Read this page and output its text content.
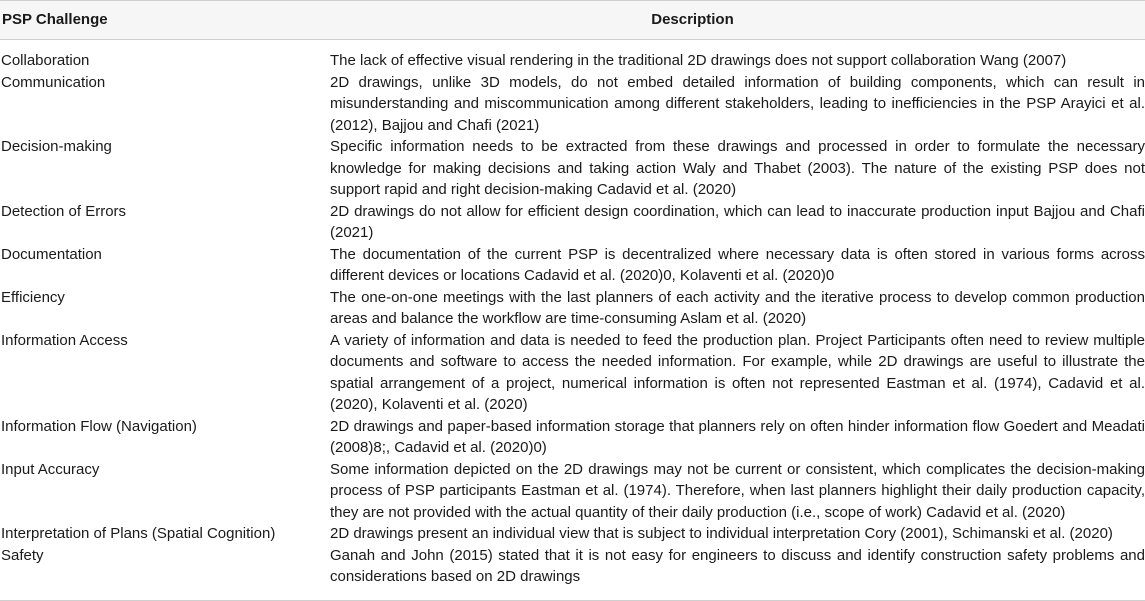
PSP Challenge	Description
Collaboration	The lack of effective visual rendering in the traditional 2D drawings does not support collaboration Wang (2007)
Communication	2D drawings, unlike 3D models, do not embed detailed information of building components, which can result in misunderstanding and miscommunication among different stakeholders, leading to inefficiencies in the PSP Arayici et al. (2012), Bajjou and Chafi (2021)
Decision-making	Specific information needs to be extracted from these drawings and processed in order to formulate the necessary knowledge for making decisions and taking action Waly and Thabet (2003). The nature of the existing PSP does not support rapid and right decision-making Cadavid et al. (2020)
Detection of Errors	2D drawings do not allow for efficient design coordination, which can lead to inaccurate production input Bajjou and Chafi (2021)
Documentation	The documentation of the current PSP is decentralized where necessary data is often stored in various forms across different devices or locations Cadavid et al. (2020)0, Kolaventi et al. (2020)0
Efficiency	The one-on-one meetings with the last planners of each activity and the iterative process to develop common production areas and balance the workflow are time-consuming Aslam et al. (2020)
Information Access	A variety of information and data is needed to feed the production plan. Project Participants often need to review multiple documents and software to access the needed information. For example, while 2D drawings are useful to illustrate the spatial arrangement of a project, numerical information is often not represented Eastman et al. (1974), Cadavid et al. (2020), Kolaventi et al. (2020)
Information Flow (Navigation)	2D drawings and paper-based information storage that planners rely on often hinder information flow Goedert and Meadati (2008)8;, Cadavid et al. (2020)0)
Input Accuracy	Some information depicted on the 2D drawings may not be current or consistent, which complicates the decision-making process of PSP participants Eastman et al. (1974). Therefore, when last planners highlight their daily production capacity, they are not provided with the actual quantity of their daily production (i.e., scope of work) Cadavid et al. (2020)
Interpretation of Plans (Spatial Cognition)	2D drawings present an individual view that is subject to individual interpretation Cory (2001), Schimanski et al. (2020)
Safety	Ganah and John (2015) stated that it is not easy for engineers to discuss and identify construction safety problems and considerations based on 2D drawings
